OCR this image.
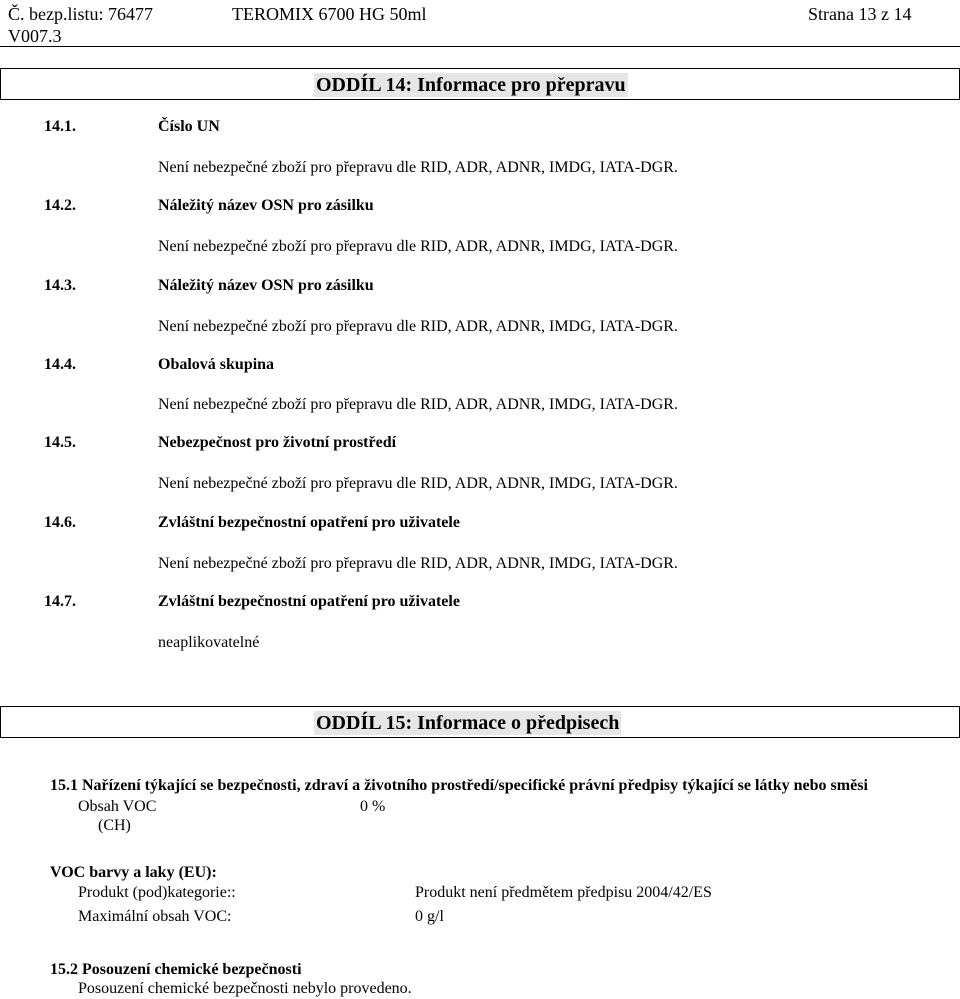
Č. bezp.listu: 76477
V007.3
TEROMIX 6700 HG 50ml	Strana 13 z 14
ODDÍL 14: Informace pro přepravu
14.1.	Číslo UN
Není nebezpečné zboží pro přepravu dle RID, ADR, ADNR, IMDG, IATA-DGR.
14.2.	Náležitý název OSN pro zásilku
Není nebezpečné zboží pro přepravu dle RID, ADR, ADNR, IMDG, IATA-DGR.
14.3.	Náležitý název OSN pro zásilku
Není nebezpečné zboží pro přepravu dle RID, ADR, ADNR, IMDG, IATA-DGR.
14.4.	Obalová skupina
Není nebezpečné zboží pro přepravu dle RID, ADR, ADNR, IMDG, IATA-DGR.
14.5.	Nebezpečnost pro životní prostředí
Není nebezpečné zboží pro přepravu dle RID, ADR, ADNR, IMDG, IATA-DGR.
14.6.	Zvláštní bezpečnostní opatření pro uživatele
Není nebezpečné zboží pro přepravu dle RID, ADR, ADNR, IMDG, IATA-DGR.
14.7.	Zvláštní bezpečnostní opatření pro uživatele
neaplikovatelné
ODDÍL 15: Informace o předpisech
15.1 Nařízení týkající se bezpečnosti, zdraví a životního prostředí/specifické právní předpisy týkající se látky nebo směsi
Obsah VOC	0 %
(CH)
VOC barvy a laky (EU):
Produkt (pod)kategorie::	Produkt není předmětem předpisu 2004/42/ES
Maximální obsah VOC:	0 g/l
15.2 Posouzení chemické bezpečnosti
Posouzení chemické bezpečnosti nebylo provedeno.
